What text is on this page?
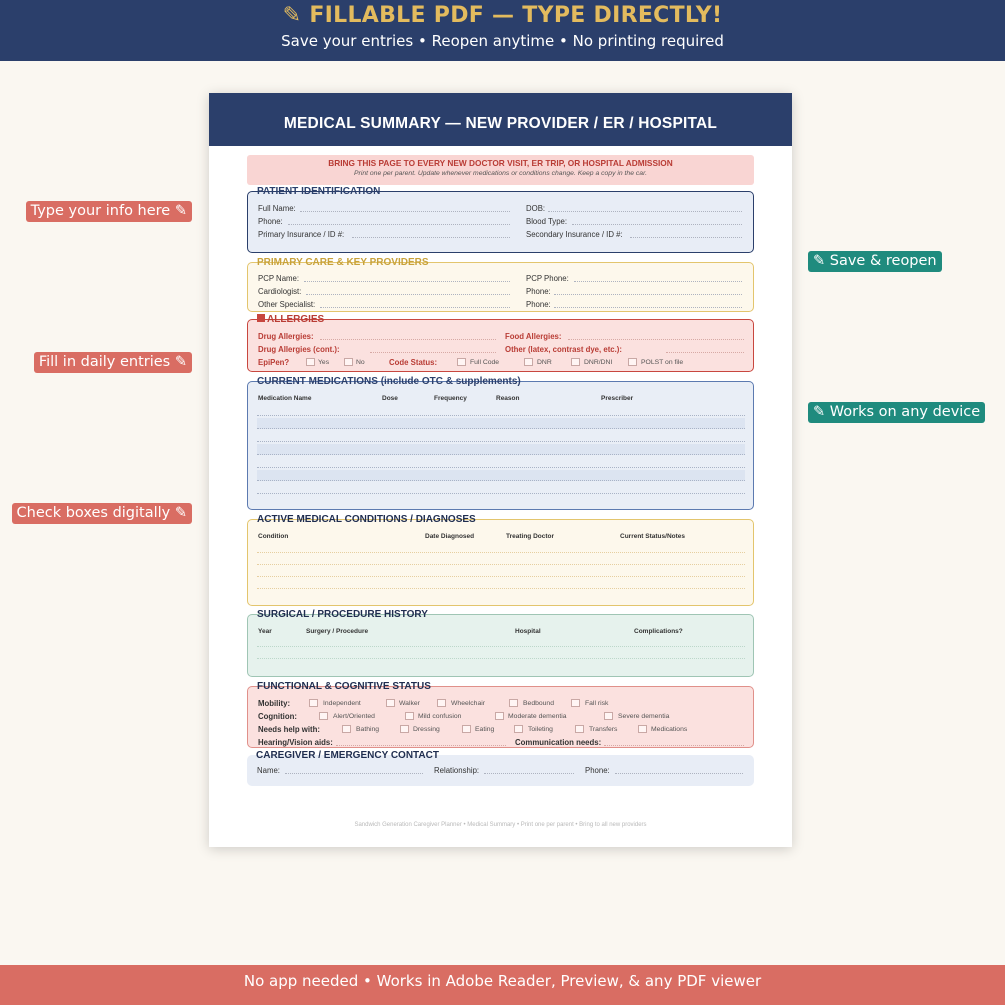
✎ FILLABLE PDF — TYPE DIRECTLY!
Save your entries • Reopen anytime • No printing required
Type your info here ✎
Fill in daily entries ✎
Check boxes digitally ✎
✎ Save & reopen
✎ Works on any device
MEDICAL SUMMARY — NEW PROVIDER / ER / HOSPITAL
BRING THIS PAGE TO EVERY NEW DOCTOR VISIT, ER TRIP, OR HOSPITAL ADMISSION
Print one per parent. Update whenever medications or conditions change. Keep a copy in the car.
PATIENT IDENTIFICATION
Full Name:	DOB:
Phone:	Blood Type:
Primary Insurance / ID #:	Secondary Insurance / ID #:
PRIMARY CARE & KEY PROVIDERS
PCP Name:	PCP Phone:
Cardiologist:	Phone:
Other Specialist:	Phone:
ALLERGIES
Drug Allergies:	Food Allergies:
Drug Allergies (cont.):	Other (latex, contrast dye, etc.):
EpiPen?	Yes	No	Code Status:	Full Code	DNR	DNR/DNI	POLST on file
CURRENT MEDICATIONS (include OTC & supplements)
Medication Name	Dose	Frequency	Reason	Prescriber
ACTIVE MEDICAL CONDITIONS / DIAGNOSES
Condition	Date Diagnosed	Treating Doctor	Current Status/Notes
SURGICAL / PROCEDURE HISTORY
Year	Surgery / Procedure	Hospital	Complications?
FUNCTIONAL & COGNITIVE STATUS
Mobility:	Independent	Walker	Wheelchair	Bedbound	Fall risk
Cognition:	Alert/Oriented	Mild confusion	Moderate dementia	Severe dementia
Needs help with:	Bathing	Dressing	Eating	Toileting	Transfers	Medications
Hearing/Vision aids:	Communication needs:
CAREGIVER / EMERGENCY CONTACT
Name:	Relationship:	Phone:
Sandwich Generation Caregiver Planner • Medical Summary • Print one per parent • Bring to all new providers
No app needed • Works in Adobe Reader, Preview, & any PDF viewer
